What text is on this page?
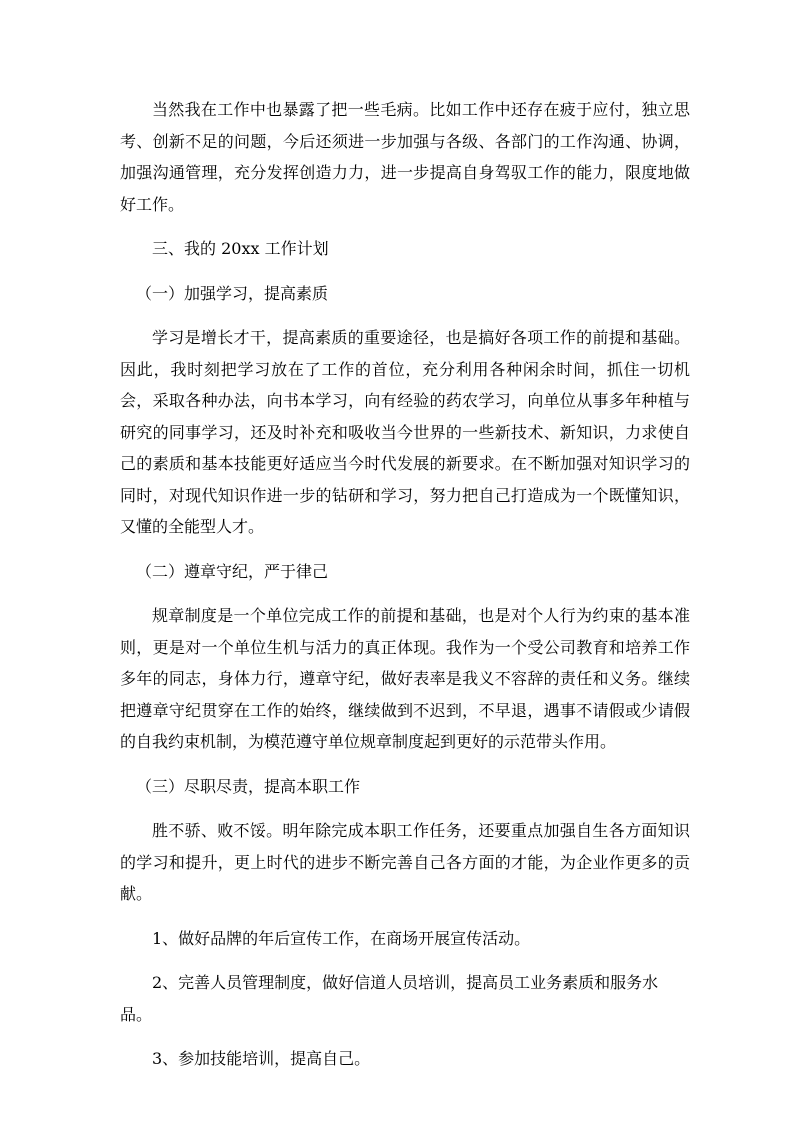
当然我在工作中也暴露了把一些毛病。比如工作中还存在疲于应付，独立思考、创新不足的问题，今后还须进一步加强与各级、各部门的工作沟通、协调，加强沟通管理，充分发挥创造力力，进一步提高自身驾驭工作的能力，限度地做好工作。

三、我的 20xx 工作计划

（一）加强学习，提高素质

学习是增长才干，提高素质的重要途径，也是搞好各项工作的前提和基础。因此，我时刻把学习放在了工作的首位，充分利用各种闲余时间，抓住一切机会，采取各种办法，向书本学习，向有经验的药农学习，向单位从事多年种植与研究的同事学习，还及时补充和吸收当今世界的一些新技术、新知识，力求使自己的素质和基本技能更好适应当今时代发展的新要求。在不断加强对知识学习的同时，对现代知识作进一步的钻研和学习，努力把自己打造成为一个既懂知识，又懂的全能型人才。

（二）遵章守纪，严于律己

规章制度是一个单位完成工作的前提和基础，也是对个人行为约束的基本准则，更是对一个单位生机与活力的真正体现。我作为一个受公司教育和培养工作多年的同志，身体力行，遵章守纪，做好表率是我义不容辞的责任和义务。继续把遵章守纪贯穿在工作的始终，继续做到不迟到，不早退，遇事不请假或少请假的自我约束机制，为模范遵守单位规章制度起到更好的示范带头作用。

（三）尽职尽责，提高本职工作

胜不骄、败不馁。明年除完成本职工作任务，还要重点加强自生各方面知识的学习和提升，更上时代的进步不断完善自己各方面的才能，为企业作更多的贡献。

1、做好品牌的年后宣传工作，在商场开展宣传活动。

2、完善人员管理制度，做好信道人员培训，提高员工业务素质和服务水品。

3、参加技能培训，提高自己。
